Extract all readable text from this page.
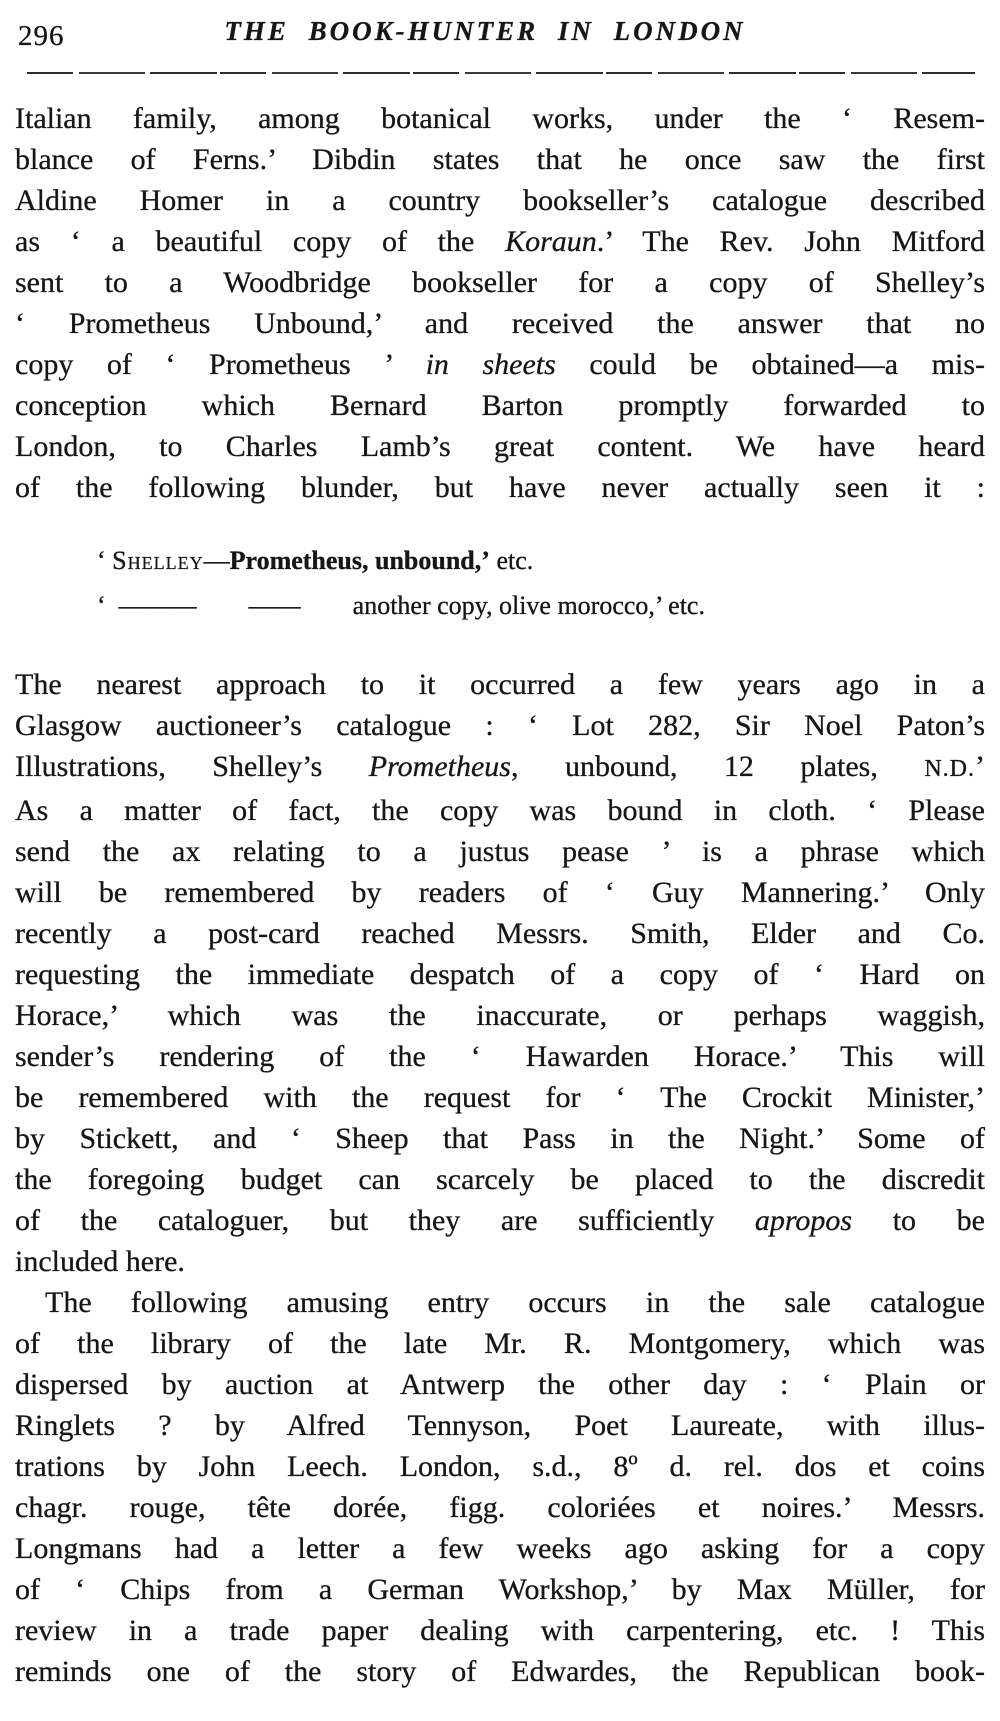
296	THE BOOK-HUNTER IN LONDON
Italian family, among botanical works, under the ‘ Resem-
blance of Ferns.’ Dibdin states that he once saw the first
Aldine Homer in a country bookseller’s catalogue described
as ‘ a beautiful copy of the Koraun.’ The Rev. John Mitford
sent to a Woodbridge bookseller for a copy of Shelley’s
‘ Prometheus Unbound,’ and received the answer that no
copy of ‘ Prometheus ’ in sheets could be obtained—a mis-
conception which Bernard Barton promptly forwarded to
London, to Charles Lamb’s great content. We have heard
of the following blunder, but have never actually seen it :
‘ Shelley—Prometheus, unbound,’ etc.
‘ ———   ——   another copy, olive morocco,’ etc.
The nearest approach to it occurred a few years ago in a
Glasgow auctioneer’s catalogue : ‘ Lot 282, Sir Noel Paton’s
Illustrations, Shelley’s Prometheus, unbound, 12 plates, N.D.’
As a matter of fact, the copy was bound in cloth. ‘ Please
send the ax relating to a justus pease ’ is a phrase which
will be remembered by readers of ‘ Guy Mannering.’ Only
recently a post-card reached Messrs. Smith, Elder and Co.
requesting the immediate despatch of a copy of ‘ Hard on
Horace,’ which was the inaccurate, or perhaps waggish,
sender’s rendering of the ‘ Hawarden Horace.’ This will
be remembered with the request for ‘ The Crockit Minister,’
by Stickett, and ‘ Sheep that Pass in the Night.’ Some of
the foregoing budget can scarcely be placed to the discredit
of the cataloguer, but they are sufficiently apropos to be
included here.
The following amusing entry occurs in the sale catalogue
of the library of the late Mr. R. Montgomery, which was
dispersed by auction at Antwerp the other day : ‘ Plain or
Ringlets ? by Alfred Tennyson, Poet Laureate, with illus-
trations by John Leech. London, s.d., 8º d. rel. dos et coins
chagr. rouge, tête dorée, figg. coloriées et noires.’ Messrs.
Longmans had a letter a few weeks ago asking for a copy
of ‘ Chips from a German Workshop,’ by Max Müller, for
review in a trade paper dealing with carpentering, etc. ! This
reminds one of the story of Edwardes, the Republican book-
